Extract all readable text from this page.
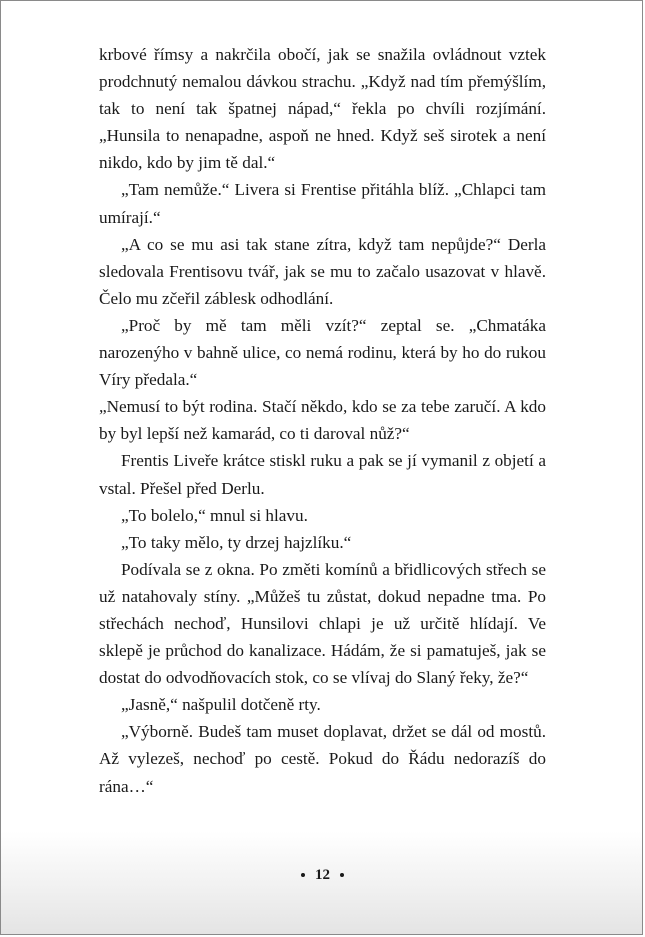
krbové římsy a nakrčila obočí, jak se snažila ovládnout vztek prodchnutý nemalou dávkou strachu. „Když nad tím přemýšlím, tak to není tak špatnej nápad,“ řekla po chvíli rozjímání. „Hunsila to nenapadne, aspoň ne hned. Když seš sirotek a není nikdo, kdo by jim tě dal.“

„Tam nemůže.“ Livera si Frentise přitáhla blíž. „Chlapci tam umírají.“

„A co se mu asi tak stane zítra, když tam nepůjde?“ Derla sledovala Frentisovu tvář, jak se mu to začalo usazovat v hlavě. Čelo mu zčeřil záblesk odhodlání.

„Proč by mě tam měli vzít?“ zeptal se. „Chmatáka narozenýho v bahně ulice, co nemá rodinu, která by ho do rukou Víry předala.“

„Nemusí to být rodina. Stačí někdo, kdo se za tebe zaručí. A kdo by byl lepší než kamarád, co ti daroval nůž?“

Frentis Liveře krátce stiskl ruku a pak se jí vymanil z objetí a vstal. Přešel před Derlu.

„To bolelo,“ mnul si hlavu.

„To taky mělo, ty drzej hajzlíku.“

Podívala se z okna. Po změti komínů a břidlicových střech se už natahovaly stíny. „Můžeš tu zůstat, dokud nepadne tma. Po střechách nechoď, Hunsilovi chlapi je už určitě hlídají. Ve sklepě je průchod do kanalizace. Hádám, že si pamatuješ, jak se dostat do odvodňovacích stok, co se vlívaj do Slaný řeky, že?“

„Jasně,“ našpulil dotčeně rty.

„Výborně. Budeš tam muset doplavat, držet se dál od mostů. Až vylezeš, nechoď po cestě. Pokud do Řádu nedorazíš do rána…“

12
